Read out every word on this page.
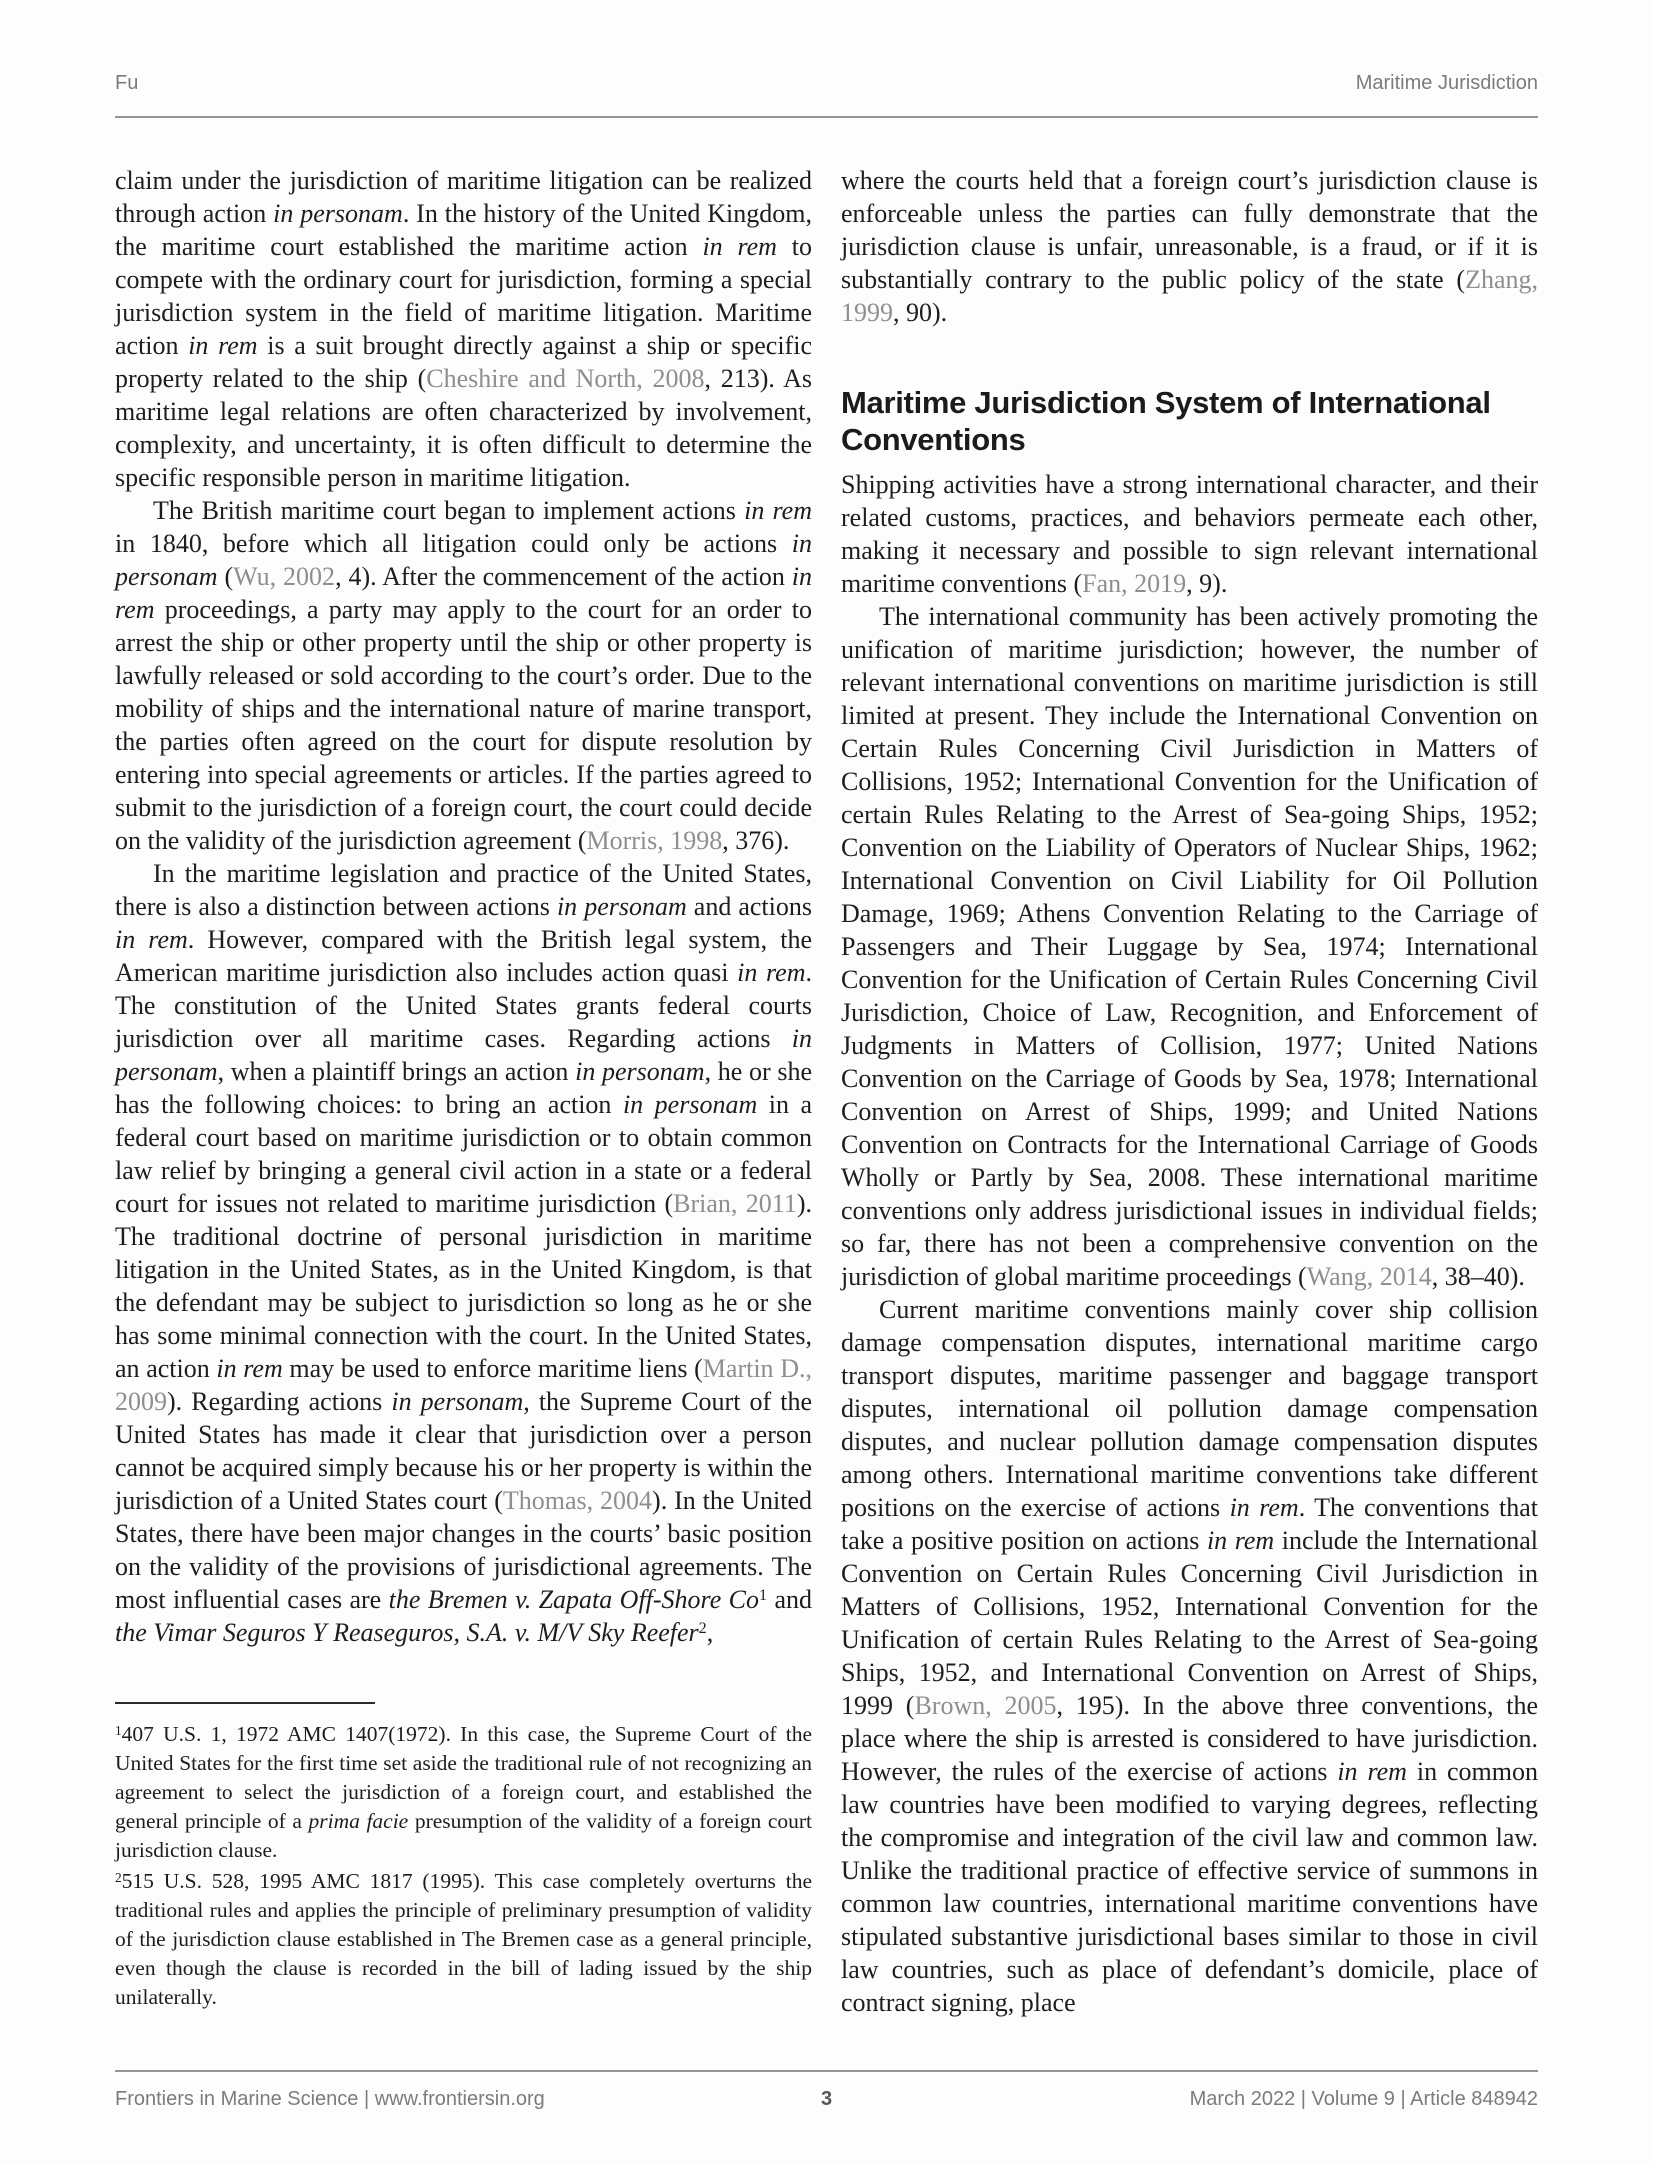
Fu	Maritime Jurisdiction

claim under the jurisdiction of maritime litigation can be realized through action in personam. In the history of the United Kingdom, the maritime court established the maritime action in rem to compete with the ordinary court for jurisdiction, forming a special jurisdiction system in the field of maritime litigation. Maritime action in rem is a suit brought directly against a ship or specific property related to the ship (Cheshire and North, 2008, 213). As maritime legal relations are often characterized by involvement, complexity, and uncertainty, it is often difficult to determine the specific responsible person in maritime litigation.

The British maritime court began to implement actions in rem in 1840, before which all litigation could only be actions in personam (Wu, 2002, 4). After the commencement of the action in rem proceedings, a party may apply to the court for an order to arrest the ship or other property until the ship or other property is lawfully released or sold according to the court’s order. Due to the mobility of ships and the international nature of marine transport, the parties often agreed on the court for dispute resolution by entering into special agreements or articles. If the parties agreed to submit to the jurisdiction of a foreign court, the court could decide on the validity of the jurisdiction agreement (Morris, 1998, 376).

In the maritime legislation and practice of the United States, there is also a distinction between actions in personam and actions in rem. However, compared with the British legal system, the American maritime jurisdiction also includes action quasi in rem. The constitution of the United States grants federal courts jurisdiction over all maritime cases. Regarding actions in personam, when a plaintiff brings an action in personam, he or she has the following choices: to bring an action in personam in a federal court based on maritime jurisdiction or to obtain common law relief by bringing a general civil action in a state or a federal court for issues not related to maritime jurisdiction (Brian, 2011). The traditional doctrine of personal jurisdiction in maritime litigation in the United States, as in the United Kingdom, is that the defendant may be subject to jurisdiction so long as he or she has some minimal connection with the court. In the United States, an action in rem may be used to enforce maritime liens (Martin D., 2009). Regarding actions in personam, the Supreme Court of the United States has made it clear that jurisdiction over a person cannot be acquired simply because his or her property is within the jurisdiction of a United States court (Thomas, 2004). In the United States, there have been major changes in the courts’ basic position on the validity of the provisions of jurisdictional agreements. The most influential cases are the Bremen v. Zapata Off-Shore Co$^1$ and the Vimar Seguros Y Reaseguros, S.A. v. M/V Sky Reefer$^2$,

$^1$407 U.S. 1, 1972 AMC 1407(1972). In this case, the Supreme Court of the United States for the first time set aside the traditional rule of not recognizing an agreement to select the jurisdiction of a foreign court, and established the general principle of a prima facie presumption of the validity of a foreign court jurisdiction clause.

$^2$515 U.S. 528, 1995 AMC 1817 (1995). This case completely overturns the traditional rules and applies the principle of preliminary presumption of validity of the jurisdiction clause established in The Bremen case as a general principle, even though the clause is recorded in the bill of lading issued by the ship unilaterally.

where the courts held that a foreign court’s jurisdiction clause is enforceable unless the parties can fully demonstrate that the jurisdiction clause is unfair, unreasonable, is a fraud, or if it is substantially contrary to the public policy of the state (Zhang, 1999, 90).

Maritime Jurisdiction System of International Conventions

Shipping activities have a strong international character, and their related customs, practices, and behaviors permeate each other, making it necessary and possible to sign relevant international maritime conventions (Fan, 2019, 9).

The international community has been actively promoting the unification of maritime jurisdiction; however, the number of relevant international conventions on maritime jurisdiction is still limited at present. They include the International Convention on Certain Rules Concerning Civil Jurisdiction in Matters of Collisions, 1952; International Convention for the Unification of certain Rules Relating to the Arrest of Sea-going Ships, 1952; Convention on the Liability of Operators of Nuclear Ships, 1962; International Convention on Civil Liability for Oil Pollution Damage, 1969; Athens Convention Relating to the Carriage of Passengers and Their Luggage by Sea, 1974; International Convention for the Unification of Certain Rules Concerning Civil Jurisdiction, Choice of Law, Recognition, and Enforcement of Judgments in Matters of Collision, 1977; United Nations Convention on the Carriage of Goods by Sea, 1978; International Convention on Arrest of Ships, 1999; and United Nations Convention on Contracts for the International Carriage of Goods Wholly or Partly by Sea, 2008. These international maritime conventions only address jurisdictional issues in individual fields; so far, there has not been a comprehensive convention on the jurisdiction of global maritime proceedings (Wang, 2014, 38–40).

Current maritime conventions mainly cover ship collision damage compensation disputes, international maritime cargo transport disputes, maritime passenger and baggage transport disputes, international oil pollution damage compensation disputes, and nuclear pollution damage compensation disputes among others. International maritime conventions take different positions on the exercise of actions in rem. The conventions that take a positive position on actions in rem include the International Convention on Certain Rules Concerning Civil Jurisdiction in Matters of Collisions, 1952, International Convention for the Unification of certain Rules Relating to the Arrest of Sea-going Ships, 1952, and International Convention on Arrest of Ships, 1999 (Brown, 2005, 195). In the above three conventions, the place where the ship is arrested is considered to have jurisdiction. However, the rules of the exercise of actions in rem in common law countries have been modified to varying degrees, reflecting the compromise and integration of the civil law and common law. Unlike the traditional practice of effective service of summons in common law countries, international maritime conventions have stipulated substantive jurisdictional bases similar to those in civil law countries, such as place of defendant’s domicile, place of contract signing, place

Frontiers in Marine Science | www.frontiersin.org	3	March 2022 | Volume 9 | Article 848942
